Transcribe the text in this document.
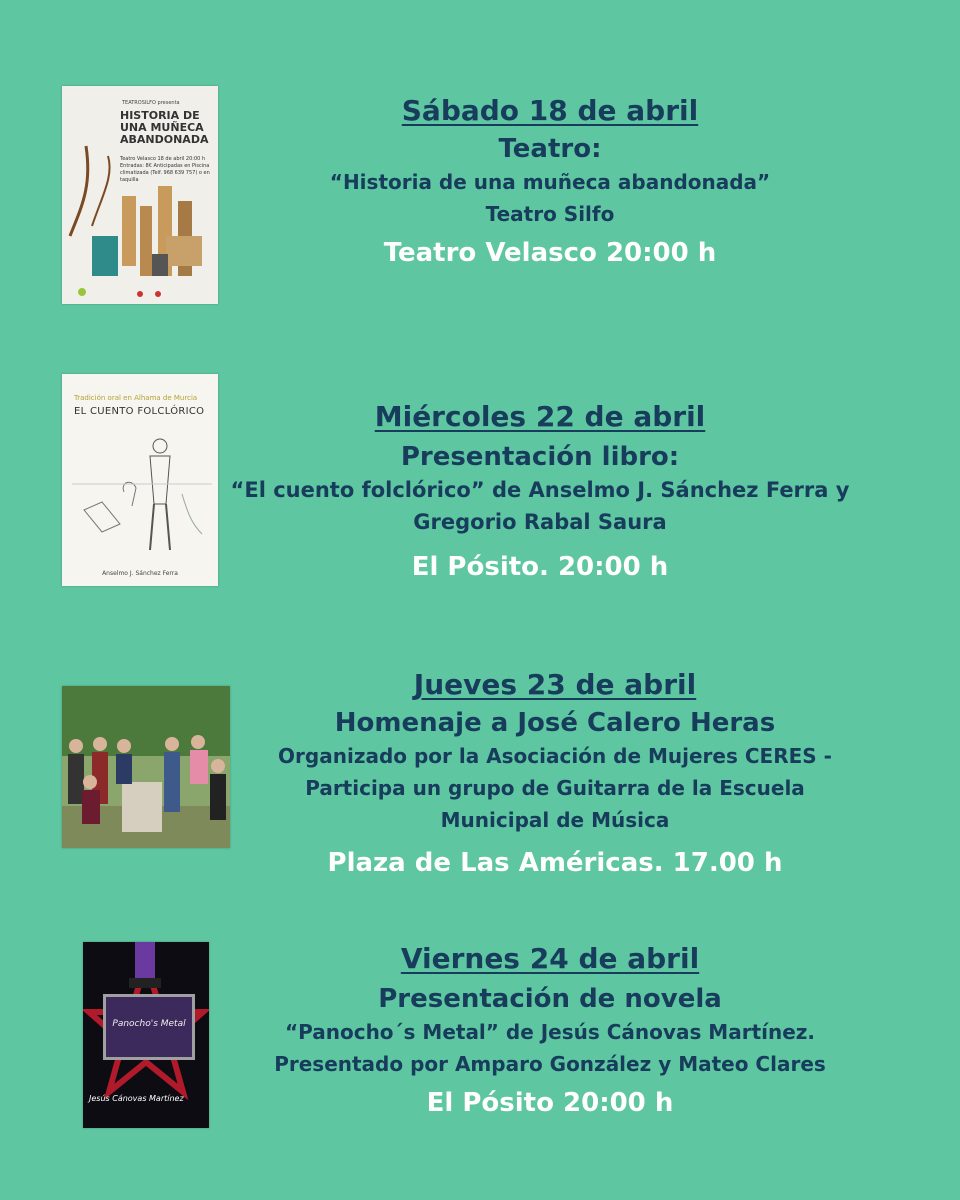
TEATROSILFO presenta
HISTORIA DE UNA MUÑECA ABANDONADA
Teatro Velasco 18 de abril 20:00 h Entradas: 8€ Anticipadas en Piscina climatizada (Telf. 968 639 757) o en taquilla
Sábado 18 de abril
Teatro:
“Historia de una muñeca abandonada”
Teatro Silfo
Teatro Velasco 20:00 h
Tradición oral en Alhama de Murcia
EL CUENTO FOLCLÓRICO
Anselmo J. Sánchez Ferra
Miércoles 22 de abril
Presentación libro:
“El cuento folclórico” de Anselmo J. Sánchez Ferra y
Gregorio Rabal Saura
El Pósito. 20:00 h
Jueves 23 de abril
Homenaje a José Calero Heras
Organizado por la Asociación de Mujeres CERES -
Participa un grupo de Guitarra de la Escuela
Municipal de Música
Plaza de Las Américas. 17.00 h
Panocho's Metal
Jesús Cánovas Martínez
Viernes 24 de abril
Presentación de novela
“Panocho´s Metal” de Jesús Cánovas Martínez.
Presentado por Amparo González y Mateo Clares
El Pósito 20:00 h
